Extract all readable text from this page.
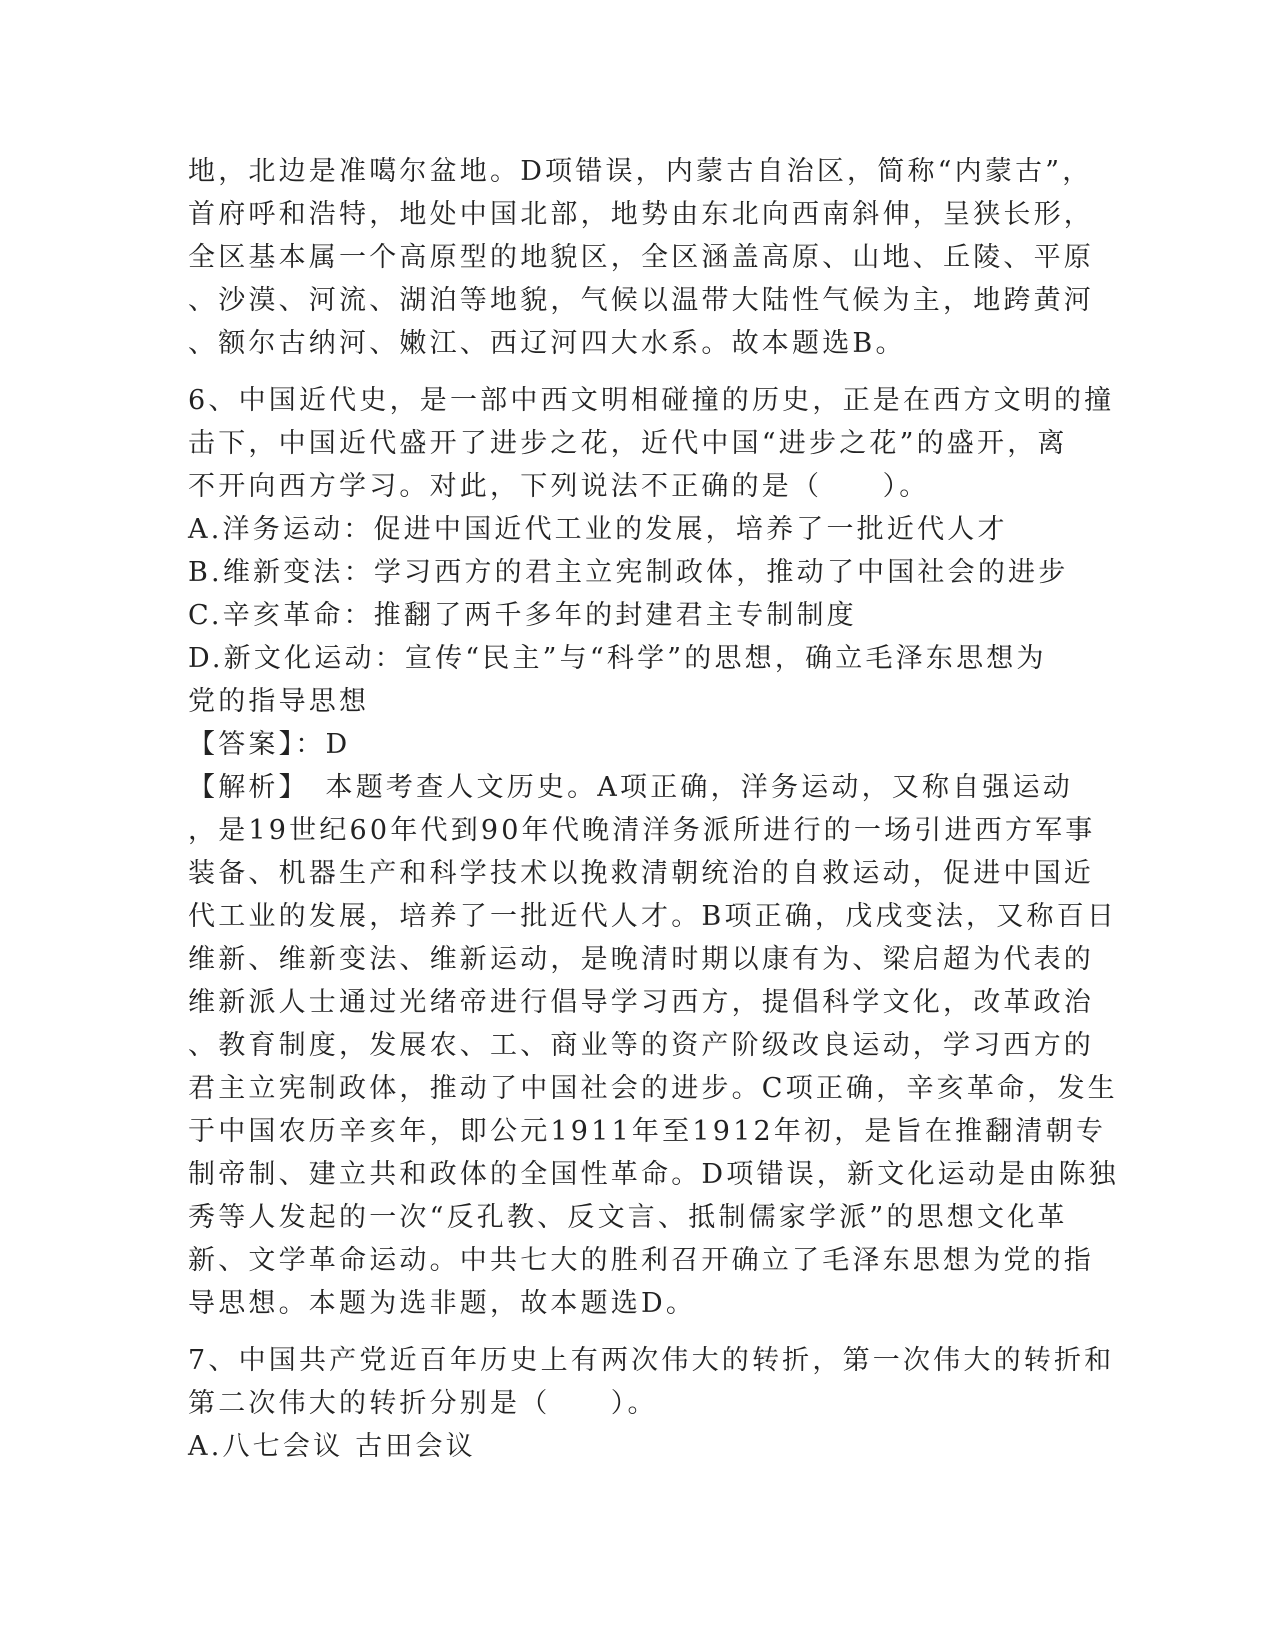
地，北边是准噶尔盆地。D项错误，内蒙古自治区，简称“内蒙古”，
首府呼和浩特，地处中国北部，地势由东北向西南斜伸，呈狭长形，
全区基本属一个高原型的地貌区，全区涵盖高原、山地、丘陵、平原
、沙漠、河流、湖泊等地貌，气候以温带大陆性气候为主，地跨黄河
、额尔古纳河、嫩江、西辽河四大水系。故本题选B。
6、中国近代史，是一部中西文明相碰撞的历史，正是在西方文明的撞
击下，中国近代盛开了进步之花，近代中国“进步之花”的盛开，离
不开向西方学习。对此，下列说法不正确的是（　　）。
A.洋务运动：促进中国近代工业的发展，培养了一批近代人才
B.维新变法：学习西方的君主立宪制政体，推动了中国社会的进步
C.辛亥革命：推翻了两千多年的封建君主专制制度
D.新文化运动：宣传“民主”与“科学”的思想，确立毛泽东思想为
党的指导思想
【答案】：D
【解析】　本题考查人文历史。A项正确，洋务运动，又称自强运动
，是19世纪60年代到90年代晚清洋务派所进行的一场引进西方军事
装备、机器生产和科学技术以挽救清朝统治的自救运动，促进中国近
代工业的发展，培养了一批近代人才。B项正确，戊戌变法，又称百日
维新、维新变法、维新运动，是晚清时期以康有为、梁启超为代表的
维新派人士通过光绪帝进行倡导学习西方，提倡科学文化，改革政治
、教育制度，发展农、工、商业等的资产阶级改良运动，学习西方的
君主立宪制政体，推动了中国社会的进步。C项正确，辛亥革命，发生
于中国农历辛亥年，即公元1911年至1912年初，是旨在推翻清朝专
制帝制、建立共和政体的全国性革命。D项错误，新文化运动是由陈独
秀等人发起的一次“反孔教、反文言、抵制儒家学派”的思想文化革
新、文学革命运动。中共七大的胜利召开确立了毛泽东思想为党的指
导思想。本题为选非题，故本题选D。
7、中国共产党近百年历史上有两次伟大的转折，第一次伟大的转折和
第二次伟大的转折分别是（　　）。
A.八七会议 古田会议
